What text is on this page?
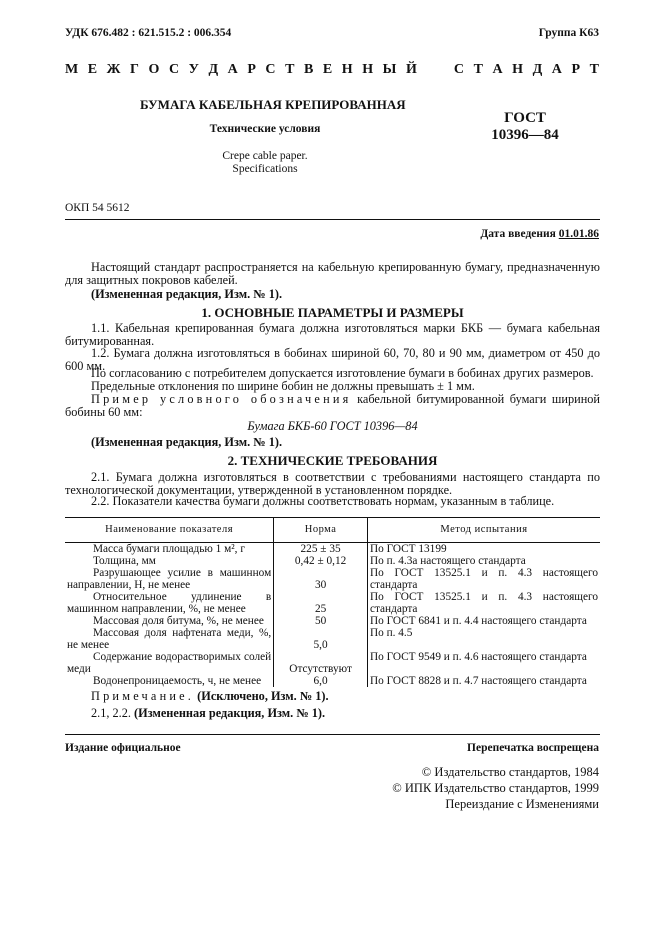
УДК 676.482 : 621.515.2 : 006.354	Группа К63
М Е Ж Г О С У Д А Р С Т В Е Н Н Ы Й	С Т А Н Д А Р Т
БУМАГА КАБЕЛЬНАЯ КРЕПИРОВАННАЯ
Технические условия
Crepe cable paper.
Specifications
ГОСТ
10396—84
ОКП 54 5612
Дата введения 01.01.86
Настоящий стандарт распространяется на кабельную крепированную бумагу, предназначенную для защитных покровов кабелей.
(Измененная редакция, Изм. № 1).
1. ОСНОВНЫЕ ПАРАМЕТРЫ И РАЗМЕРЫ
1.1. Кабельная крепированная бумага должна изготовляться марки БКБ — бумага кабельная битумированная.
1.2. Бумага должна изготовляться в бобинах шириной 60, 70, 80 и 90 мм, диаметром от 450 до 600 мм.
По согласованию с потребителем допускается изготовление бумаги в бобинах других размеров.
Предельные отклонения по ширине бобин не должны превышать ± 1 мм.
Пример условного обозначения кабельной битумированной бумаги шириной бобины 60 мм:
Бумага БКБ-60 ГОСТ 10396—84
(Измененная редакция, Изм. № 1).
2. ТЕХНИЧЕСКИЕ ТРЕБОВАНИЯ
2.1. Бумага должна изготовляться в соответствии с требованиями настоящего стандарта по технологической документации, утвержденной в установленном порядке.
2.2. Показатели качества бумаги должны соответствовать нормам, указанным в таблице.
Наименование показателя	Норма	Метод испытания
Масса бумаги площадью 1 м², г	225 ± 35	По ГОСТ 13199
Толщина, мм	0,42 ± 0,12	По п. 4.3а настоящего стандарта
Разрушающее усилие в машинном направлении, Н, не менее	30	По ГОСТ 13525.1 и п. 4.3 настоящего стандарта
Относительное удлинение в машинном направлении, %, не менее	25	По ГОСТ 13525.1 и п. 4.3 настоящего стандарта
Массовая доля битума, %, не менее	50	По ГОСТ 6841 и п. 4.4 настоящего стандарта
Массовая доля нафтената меди, %, не менее	5,0	По п. 4.5
Содержание водорастворимых солей меди	Отсутствуют	По ГОСТ 9549 и п. 4.6 настоящего стандарта
Водонепроницаемость, ч, не менее	6,0	По ГОСТ 8828 и п. 4.7 настоящего стандарта
Примечание. (Исключено, Изм. № 1).
2.1, 2.2. (Измененная редакция, Изм. № 1).
Издание официальное	Перепечатка воспрещена
© Издательство стандартов, 1984
© ИПК Издательство стандартов, 1999
Переиздание с Изменениями
